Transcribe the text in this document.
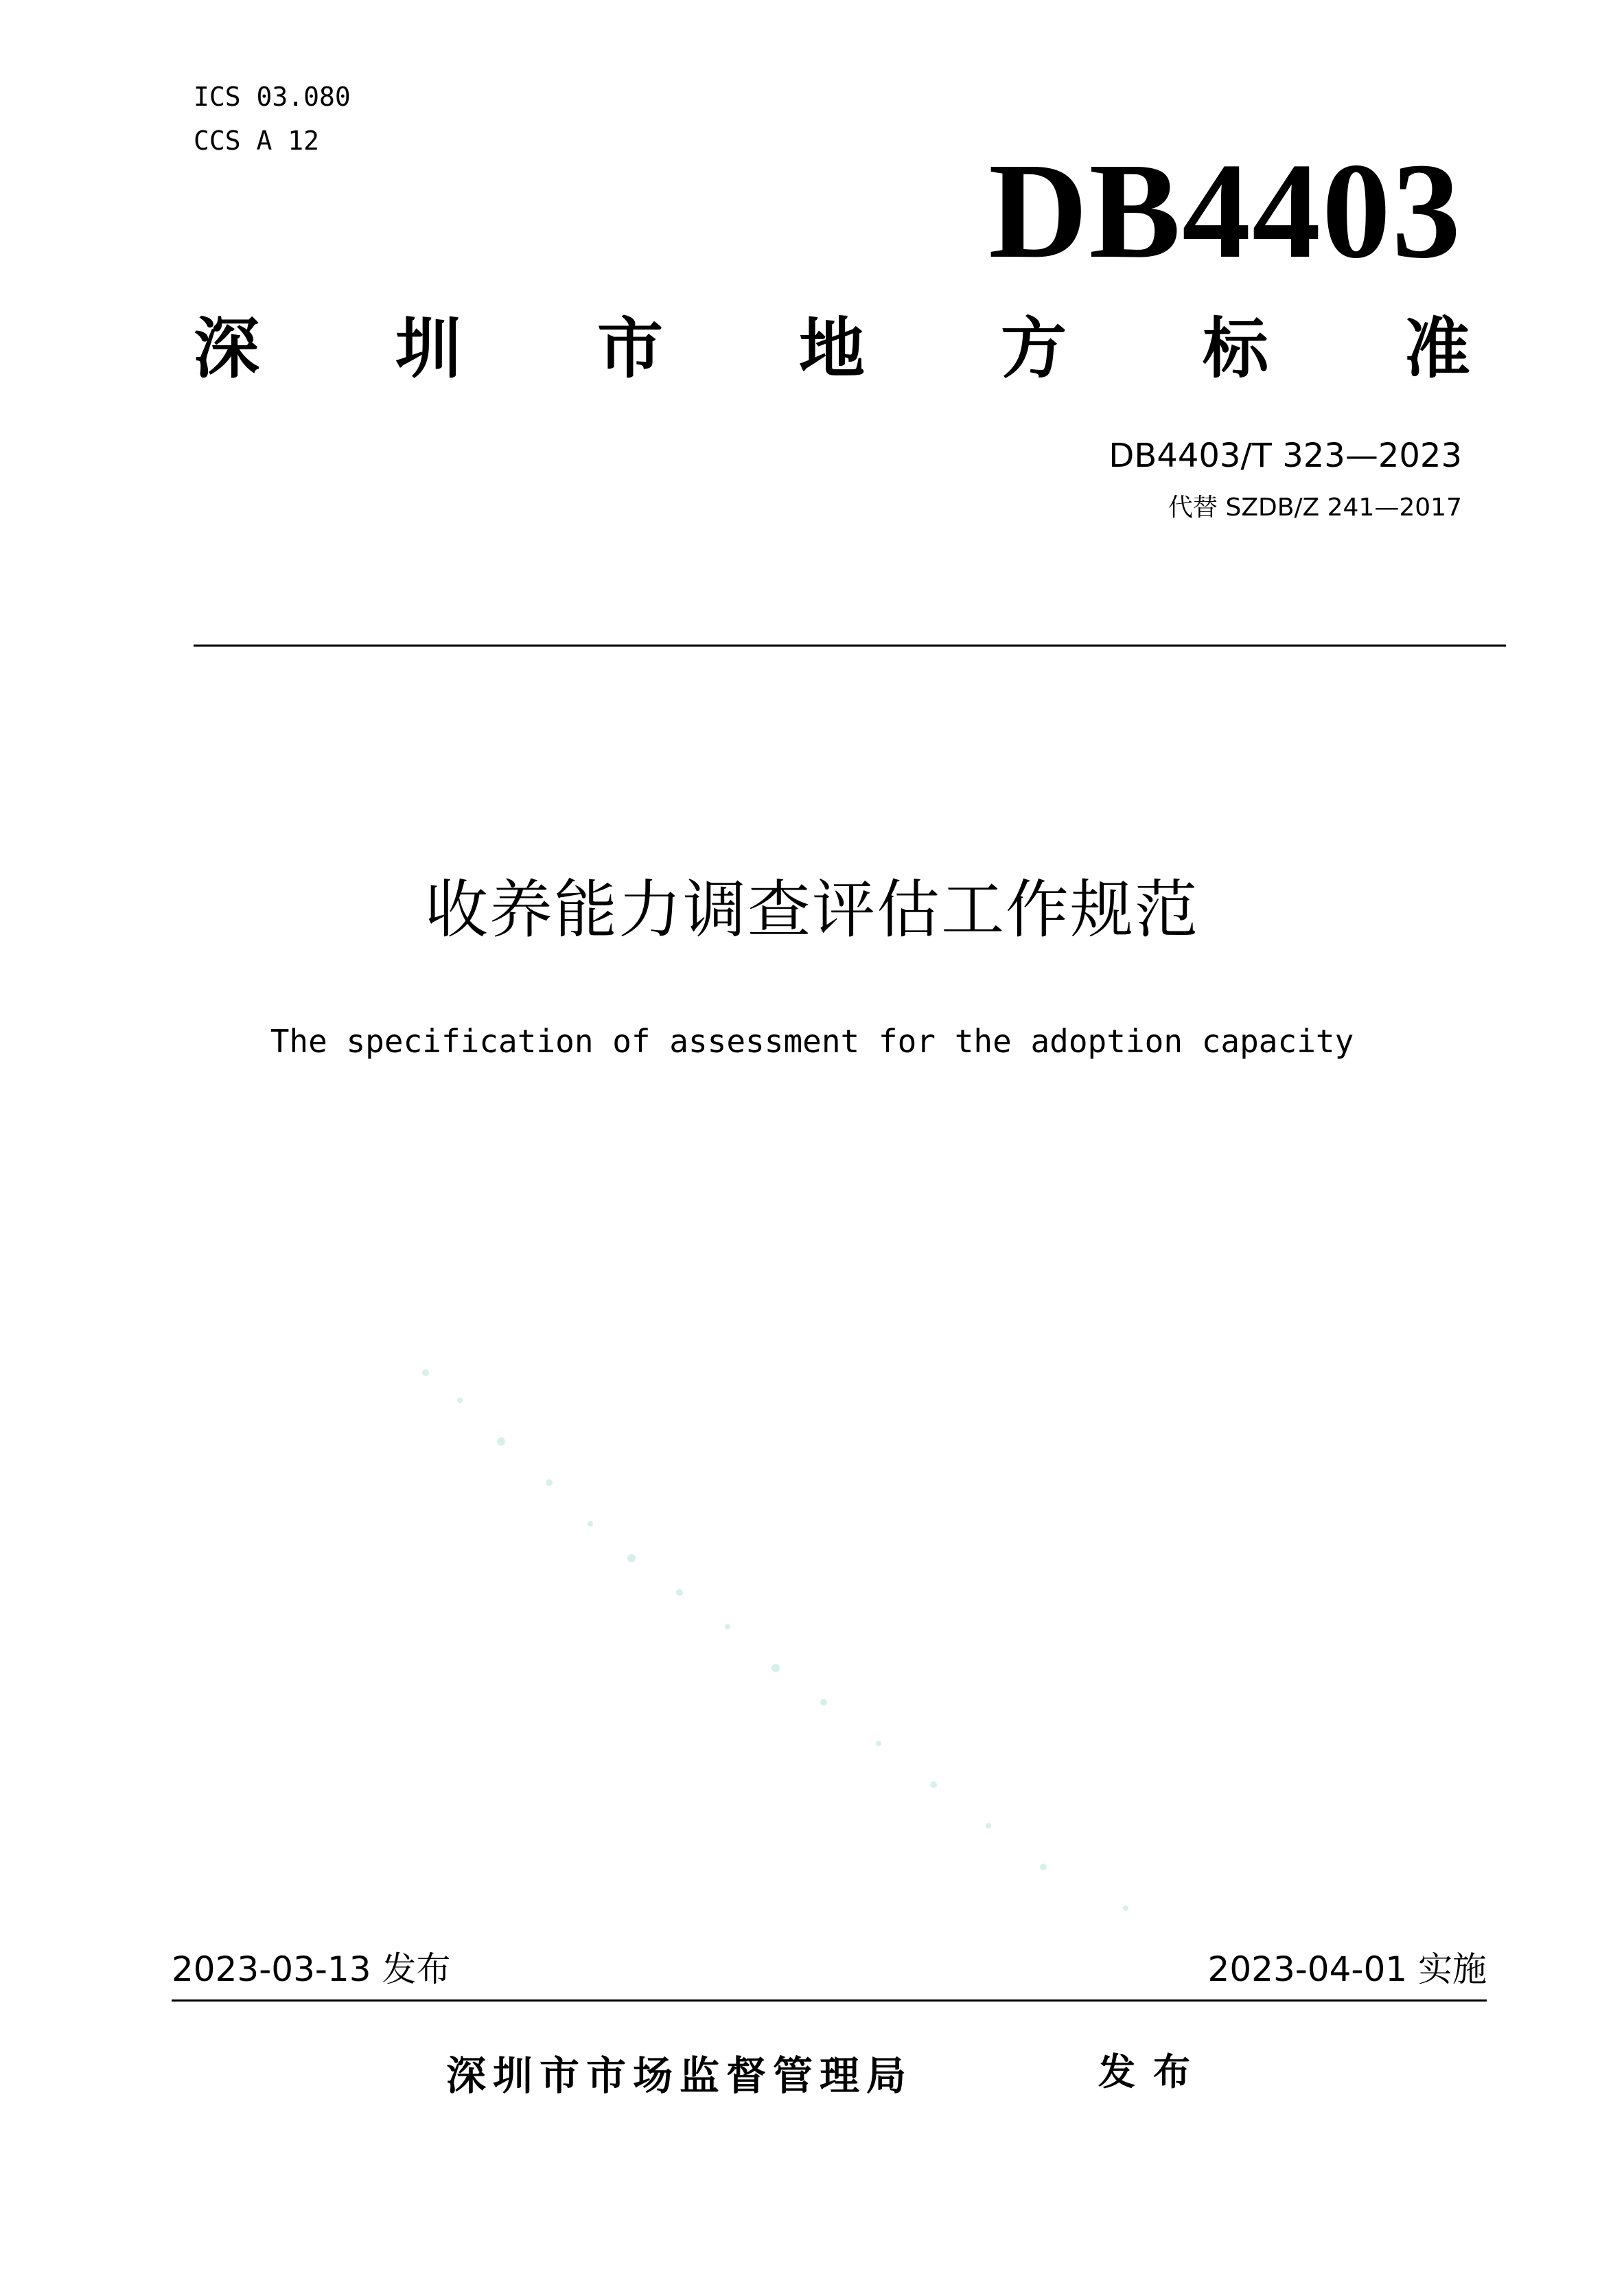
ICS 03.080
CCS A 12	DB4403
深 圳 市 地 方 标 准
DB4403/T 323—2023
代替 SZDB/Z 241—2017
收养能力调查评估工作规范
The specification of assessment for the adoption capacity
2023-03-13 发布	2023-04-01 实施
深圳市市场监督管理局	发布
